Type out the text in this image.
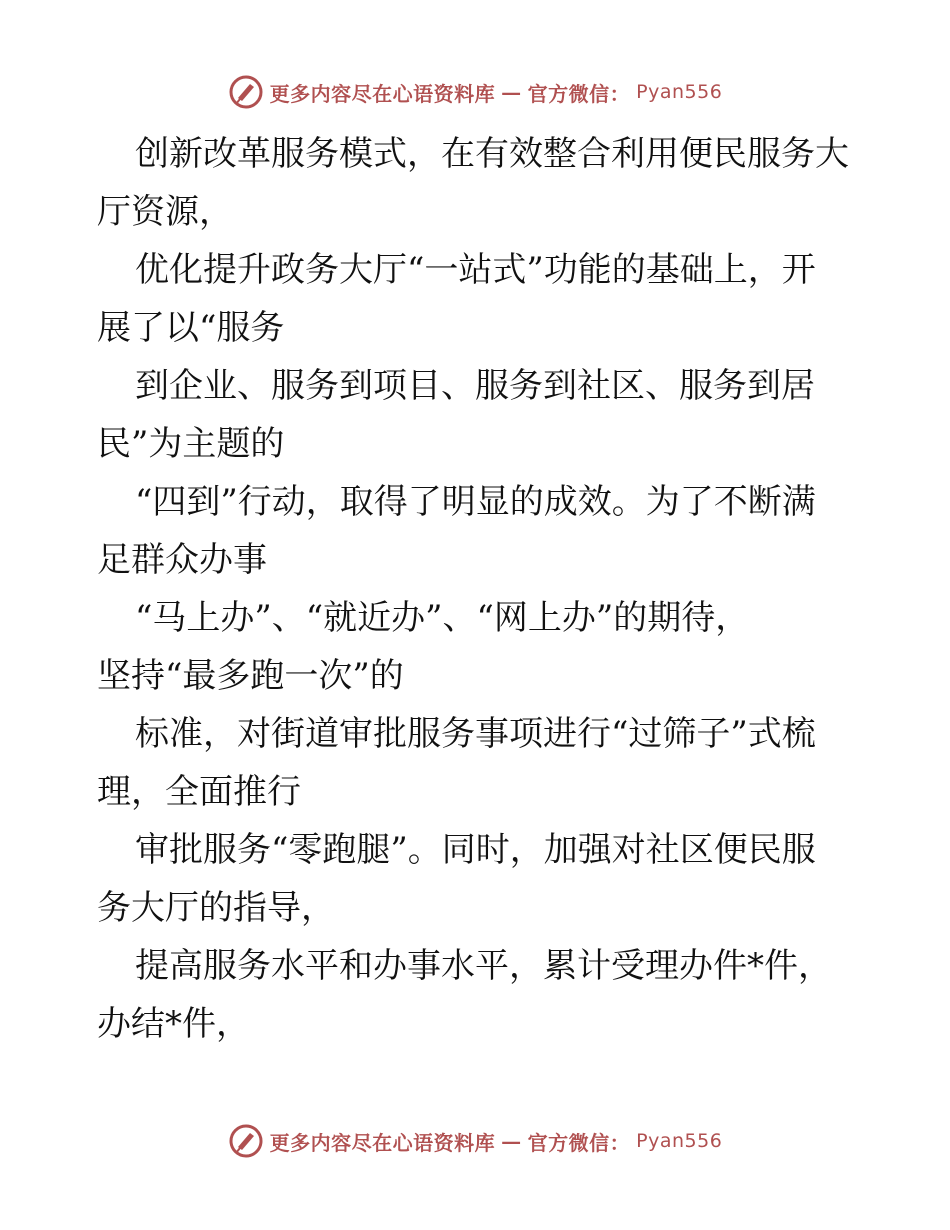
更多内容尽在心语资料库 — 官方微信： Pyan556

创新改革服务模式，在有效整合利用便民服务大
厅资源，

优化提升政务大厅“一站式”功能的基础上，开
展了以“服务

到企业、服务到项目、服务到社区、服务到居
民”为主题的

“四到”行动，取得了明显的成效。为了不断满
足群众办事

“马上办”、“就近办”、“网上办”的期待，
坚持“最多跑一次”的

标准，对街道审批服务事项进行“过筛子”式梳
理，全面推行

审批服务“零跑腿”。同时，加强对社区便民服
务大厅的指导，

提高服务水平和办事水平，累计受理办件*件，
办结*件，

更多内容尽在心语资料库 — 官方微信： Pyan556
